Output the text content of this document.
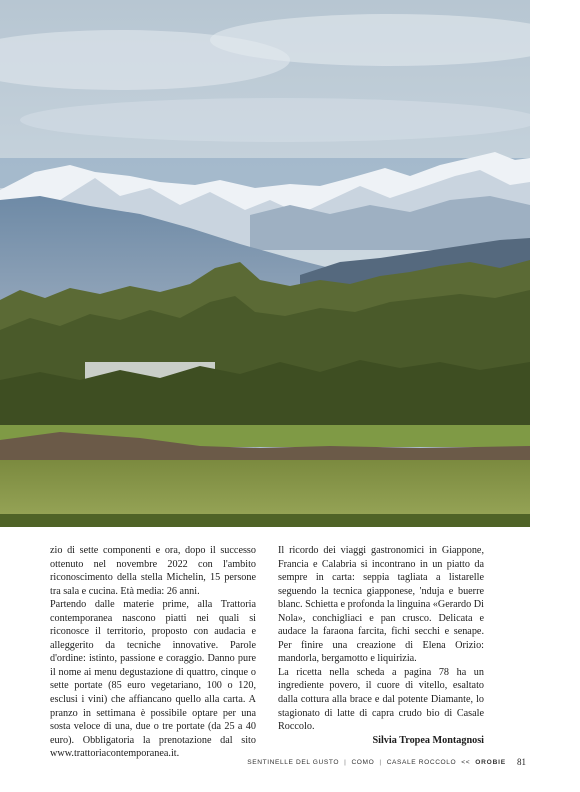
zio di sette componenti e ora, dopo il successo ottenuto nel novembre 2022 con l'ambito riconoscimento della stella Michelin, 15 persone tra sala e cucina. Età media: 26 anni.

Partendo dalle materie prime, alla Trattoria contemporanea nascono piatti nei quali si riconosce il territorio, proposto con audacia e alleggerito da tecniche innovative. Parole d'ordine: istinto, passione e coraggio. Danno pure il nome ai menu degustazione di quattro, cinque o sette portate (85 euro vegetariano, 100 o 120, esclusi i vini) che affiancano quello alla carta. A pranzo in settimana è possibile optare per una sosta veloce di una, due o tre portate (da 25 a 40 euro). Obbligatoria la prenotazione dal sito www.trattoriacontemporanea.it.

Il ricordo dei viaggi gastronomici in Giappone, Francia e Calabria si incontrano in un piatto da sempre in carta: seppia tagliata a listarelle seguendo la tecnica giapponese, 'nduja e buerre blanc. Schietta e profonda la linguina «Gerardo Di Nola», conchigliaci e pan crusco. Delicata e audace la faraona farcita, fichi secchi e senape. Per finire una creazione di Elena Orizio: mandorla, bergamotto e liquirizia.

La ricetta nella scheda a pagina 78 ha un ingrediente povero, il cuore di vitello, esaltato dalla cottura alla brace e dal potente Diamante, lo stagionato di latte di capra crudo bio di Casale Roccolo.

Silvia Tropea Montagnosi

SENTINELLE DEL GUSTO | COMO | CASALE ROCCOLO << OROBIE 81
